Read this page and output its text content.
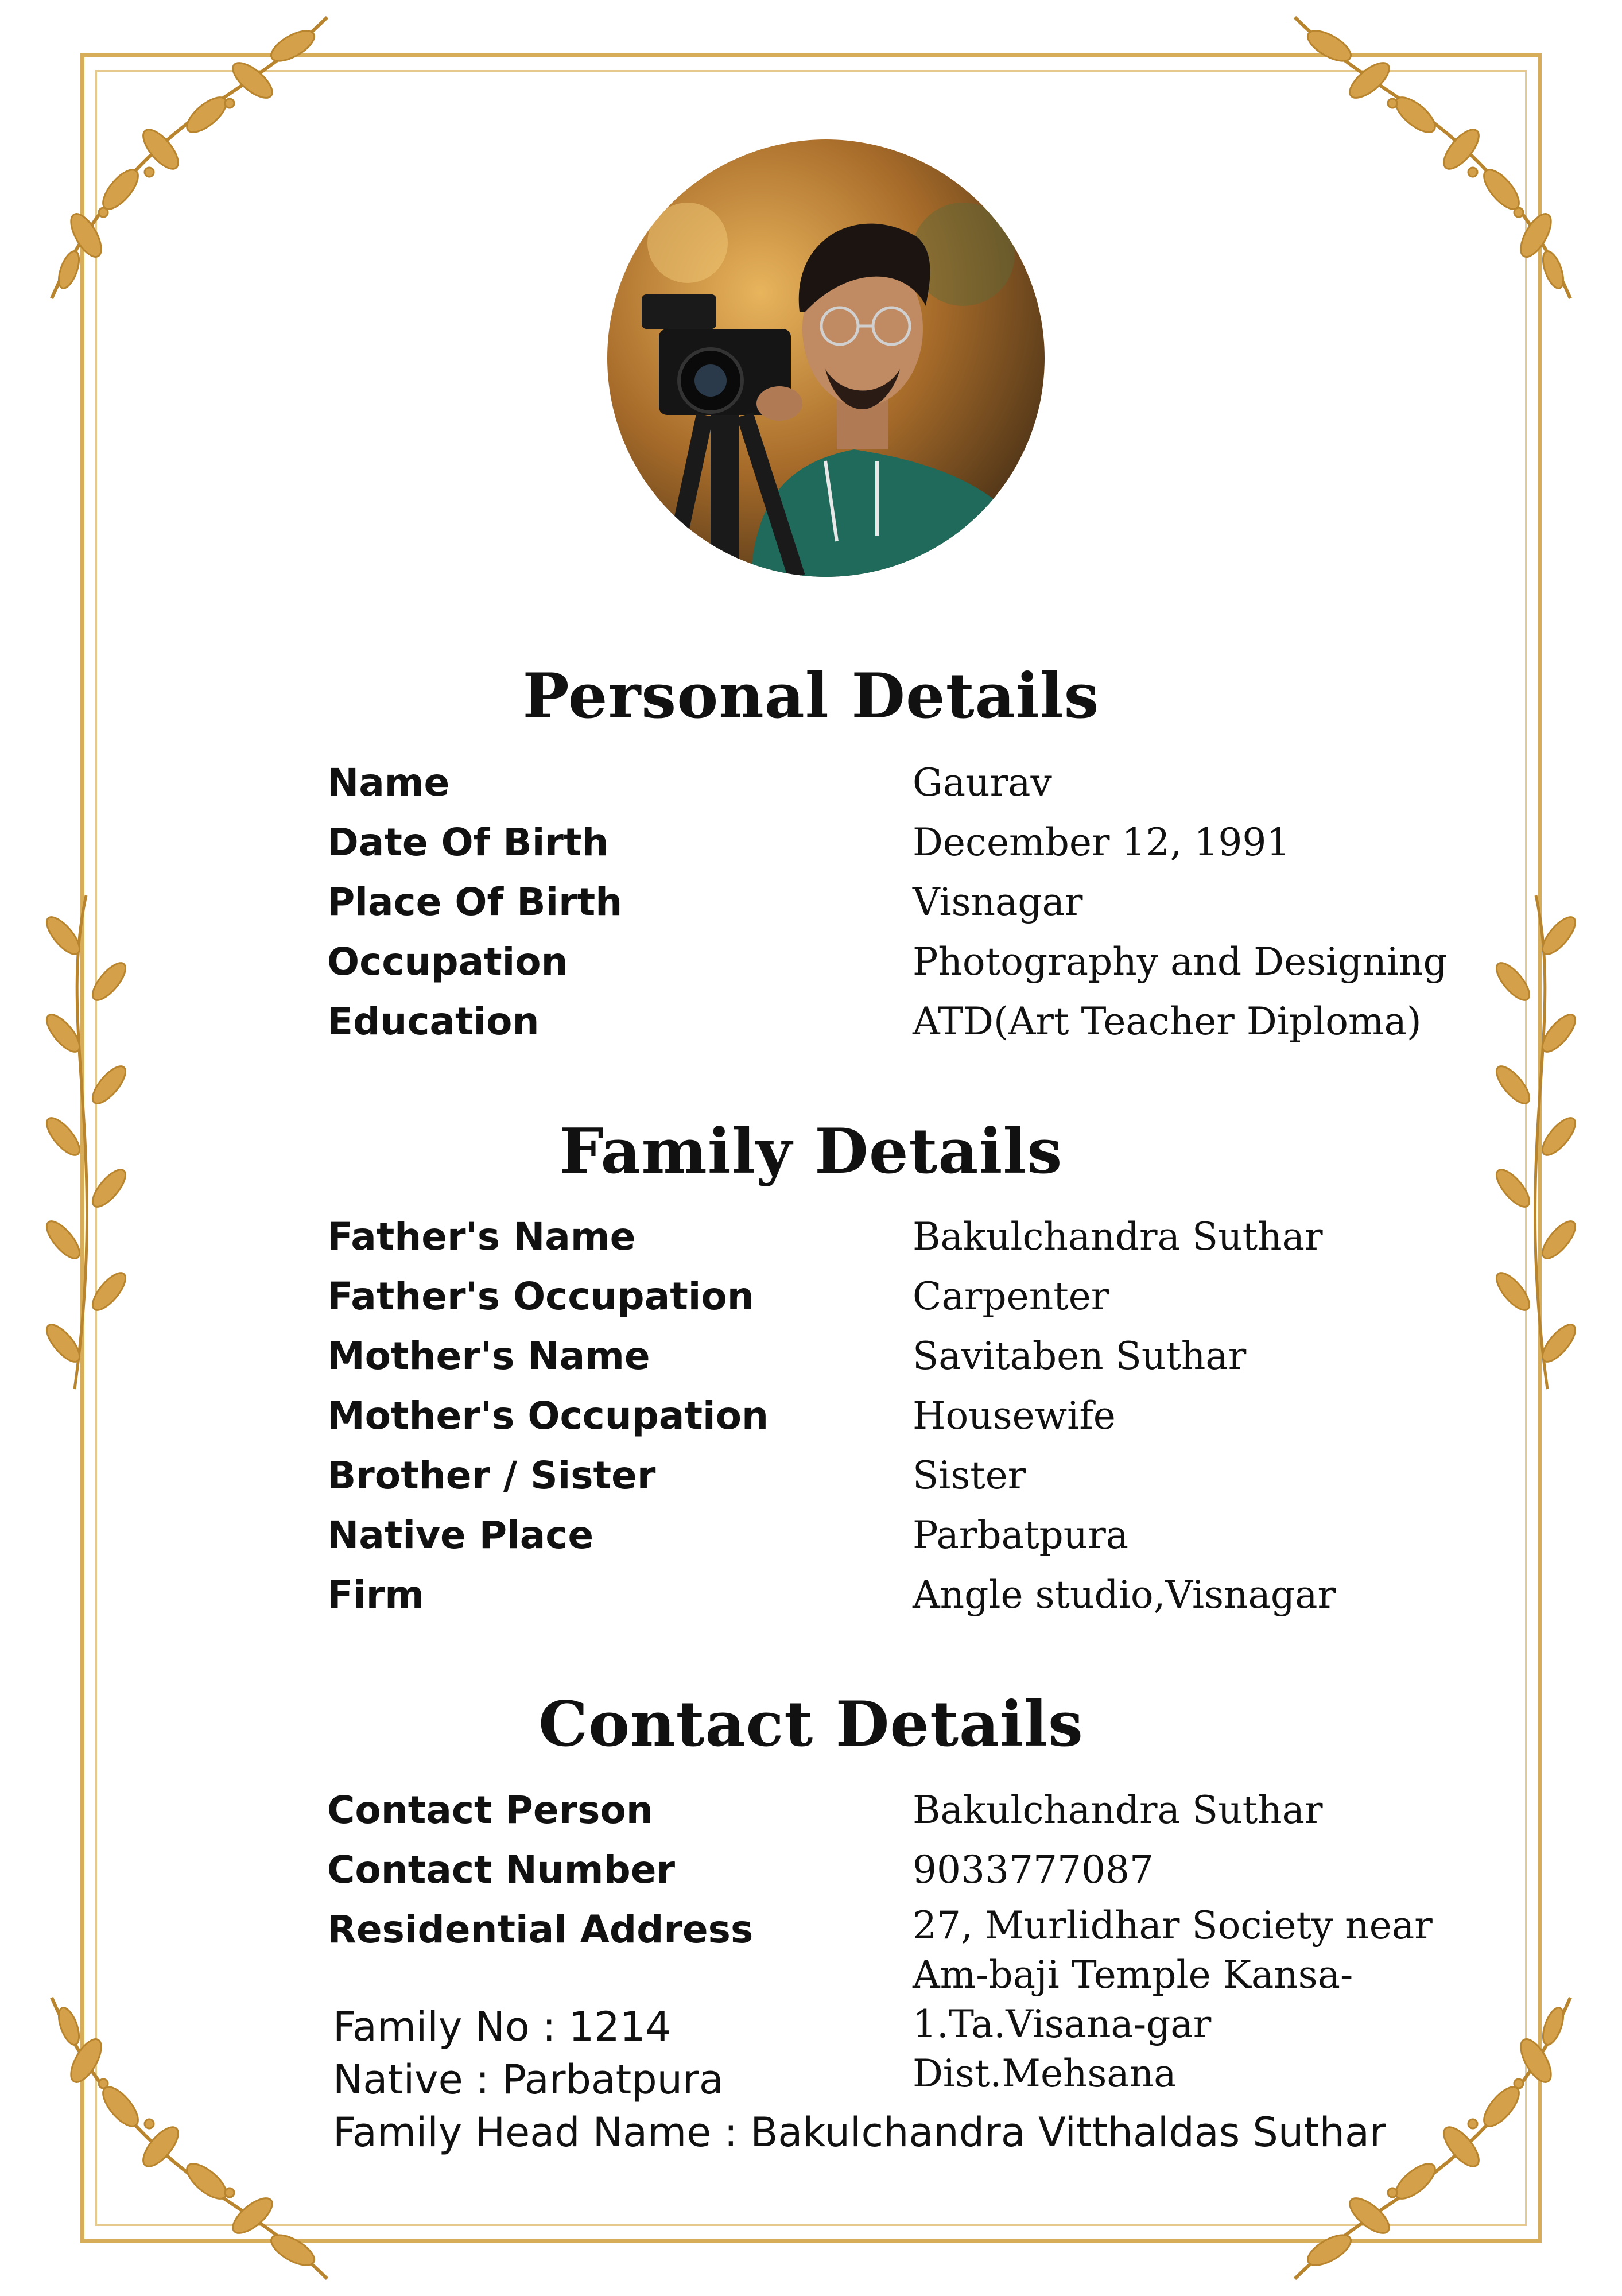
Personal Details
Name	Gaurav
Date Of Birth	December 12, 1991
Place Of Birth	Visnagar
Occupation	Photography and Designing
Education	ATD(Art Teacher Diploma)
Family Details
Father's Name	Bakulchandra Suthar
Father's Occupation	Carpenter
Mother's Name	Savitaben Suthar
Mother's Occupation	Housewife
Brother / Sister	Sister
Native Place	Parbatpura
Firm	Angle studio,Visnagar
Contact Details
Contact Person	Bakulchandra Suthar
Contact Number	9033777087
Residential Address	27, Murlidhar Society near Am-baji Temple Kansa-1.Ta.Visana-gar Dist.Mehsana
Family No : 1214
Native : Parbatpura
Family Head Name : Bakulchandra Vitthaldas Suthar
